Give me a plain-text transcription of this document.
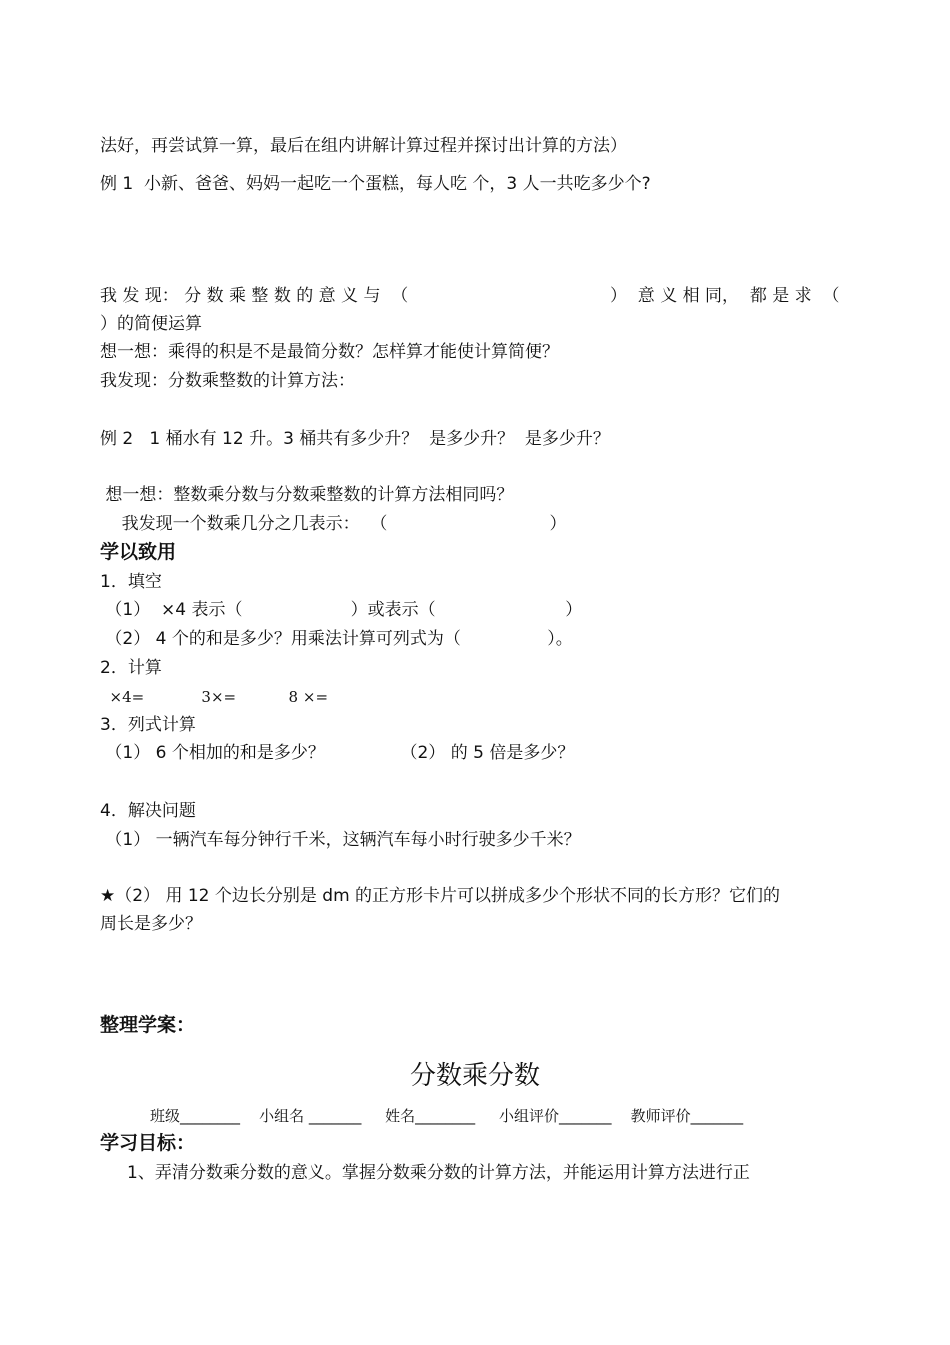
法好，再尝试算一算，最后在组内讲解计算过程并探讨出计算的方法）
例 1  小新、爸爸、妈妈一起吃一个蛋糕，每人吃 个，3 人一共吃多少个?
我 发 现： 分 数 乘 整 数 的 意 义 与  （	）  意 义 相 同，  都 是 求  （
）的简便运算
想一想：乘得的积是不是最简分数？怎样算才能使计算简便？
我发现：分数乘整数的计算方法：
例 2   1 桶水有 12 升。3 桶共有多少升？  是多少升？  是多少升？
想一想：整数乘分数与分数乘整数的计算方法相同吗？
我发现一个数乘几分之几表示：  （                              ）
学以致用
1．填空
（1）  ×4 表示（                    ）或表示（                        ）
（2） 4 个的和是多少？用乘法计算可列式为（                ）。
2．计算
×4=            3×=           8 ×=
3．列式计算
（1） 6 个相加的和是多少？              （2） 的 5 倍是多少？
4．解决问题
（1） 一辆汽车每分钟行千米，这辆汽车每小时行驶多少千米？
★（2） 用 12 个边长分别是 dm 的正方形卡片可以拼成多少个形状不同的长方形？它们的
周长是多少？
整理学案：
分数乘分数
班级________    小组名 _______     姓名________     小组评价_______    教师评价_______
学习目标：
1、弄清分数乘分数的意义。掌握分数乘分数的计算方法，并能运用计算方法进行正
